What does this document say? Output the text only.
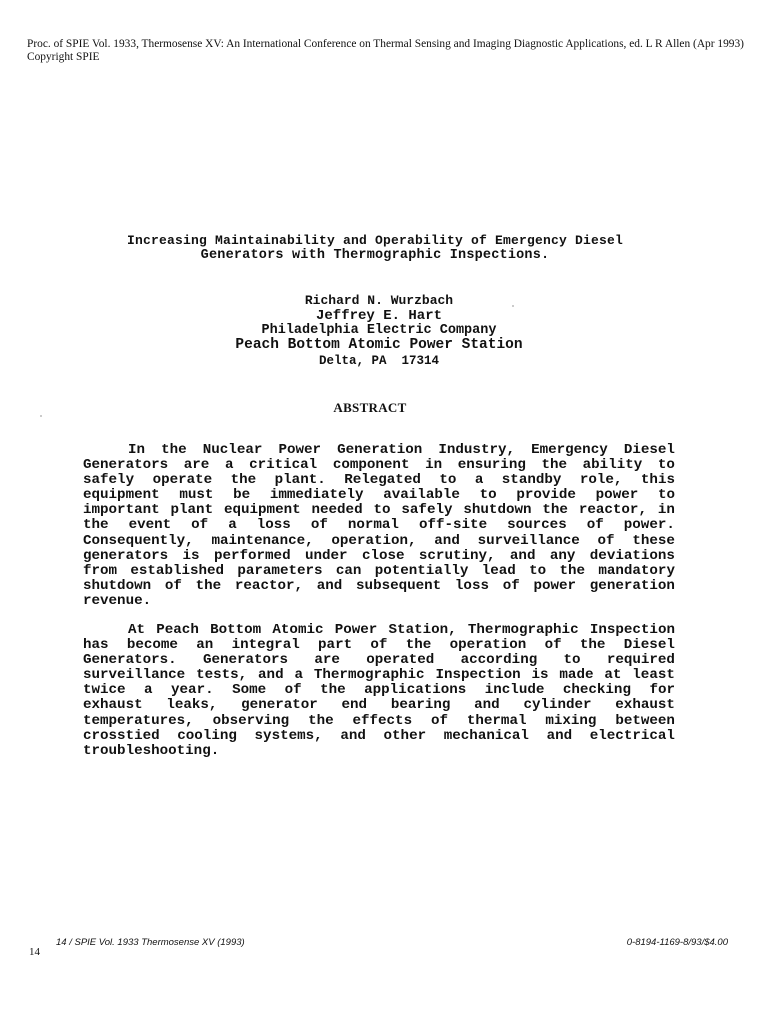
Proc. of SPIE Vol. 1933, Thermosense XV: An International Conference on Thermal Sensing and Imaging Diagnostic Applications, ed. L R Allen (Apr 1993) Copyright SPIE
Increasing Maintainability and Operability of Emergency Diesel
Generators with Thermographic Inspections.
Richard N. Wurzbach
Jeffrey E. Hart
Philadelphia Electric Company
Peach Bottom Atomic Power Station
Delta, PA  17314
ABSTRACT
In the Nuclear Power Generation Industry, Emergency Diesel
Generators are a critical component in ensuring the ability to
safely operate the plant. Relegated to a standby role, this
equipment must be immediately available to provide power to
important plant equipment needed to safely shutdown the reactor, in
the event of a loss of normal off-site sources of power.
Consequently, maintenance, operation, and surveillance of these
generators is performed under close scrutiny, and any deviations
from established parameters can potentially lead to the mandatory
shutdown of the reactor, and subsequent loss of power generation
revenue.
At Peach Bottom Atomic Power Station, Thermographic Inspection
has become an integral part of the operation of the Diesel
Generators. Generators are operated according to required
surveillance tests, and a Thermographic Inspection is made at least
twice a year. Some of the applications include checking for
exhaust leaks, generator end bearing and cylinder exhaust
temperatures, observing the effects of thermal mixing between
crosstied cooling systems, and other mechanical and electrical
troubleshooting.
14 / SPIE Vol. 1933 Thermosense XV (1993)	0-8194-1169-8/93/$4.00
14
